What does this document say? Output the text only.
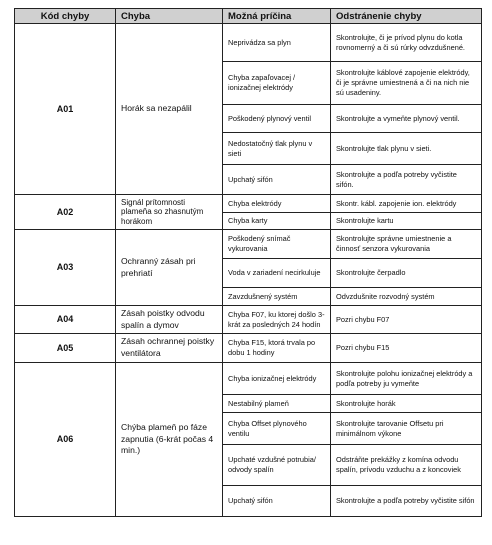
Kód chyby	Chyba	Možná príčina	Odstránenie chyby
A01	Horák sa nezapálil	Neprivádza sa plyn	Skontrolujte, či je prívod plynu do kotla rovnomerný a či sú rúrky odvzdušnené.
		Chyba zapaľovacej / ionizačnej elektródy	Skontrolujte káblové zapojenie elektródy, či je správne umiestnená a či na nich nie sú usadeniny.
		Poškodený plynový ventil	Skontrolujte a vymeňte plynový ventil.
		Nedostatočný tlak plynu v sieti	Skontrolujte tlak plynu v sieti.
		Upchatý sifón	Skontrolujte a podľa potreby vyčistite sifón.
A02	Signál prítomnosti plameňa so zhasnutým horákom	Chyba elektródy	Skontr. kábl. zapojenie ion. elektródy
		Chyba karty	Skontrolujte kartu
A03	Ochranný zásah pri prehriatí	Poškodený snímač vykurovania	Skontrolujte správne umiestnenie a činnosť senzora vykurovania
		Voda v zariadení necirkuluje	Skontrolujte čerpadlo
		Zavzdušnený systém	Odvzdušnite rozvodný systém
A04	Zásah poistky odvodu spalín a dymov	Chyba F07, ku ktorej došlo 3-krát za posledných 24 hodín	Pozri chybu F07
A05	Zásah ochrannej poistky ventilátora	Chyba F15, ktorá trvala po dobu 1 hodiny	Pozri chybu F15
A06	Chýba plameň po fáze zapnutia (6-krát počas 4 min.)	Chyba ionizačnej elektródy	Skontrolujte polohu ionizačnej elektródy a podľa potreby ju vymeňte
		Nestabilný plameň	Skontrolujte horák
		Chyba Offset plynového ventilu	Skontrolujte tarovanie Offsetu pri minimálnom výkone
		Upchaté vzdušné potrubia/ odvody spalín	Odstráňte prekážky z komína odvodu spalín, prívodu vzduchu a z koncoviek
		Upchatý sifón	Skontrolujte a podľa potreby vyčistite sifón
